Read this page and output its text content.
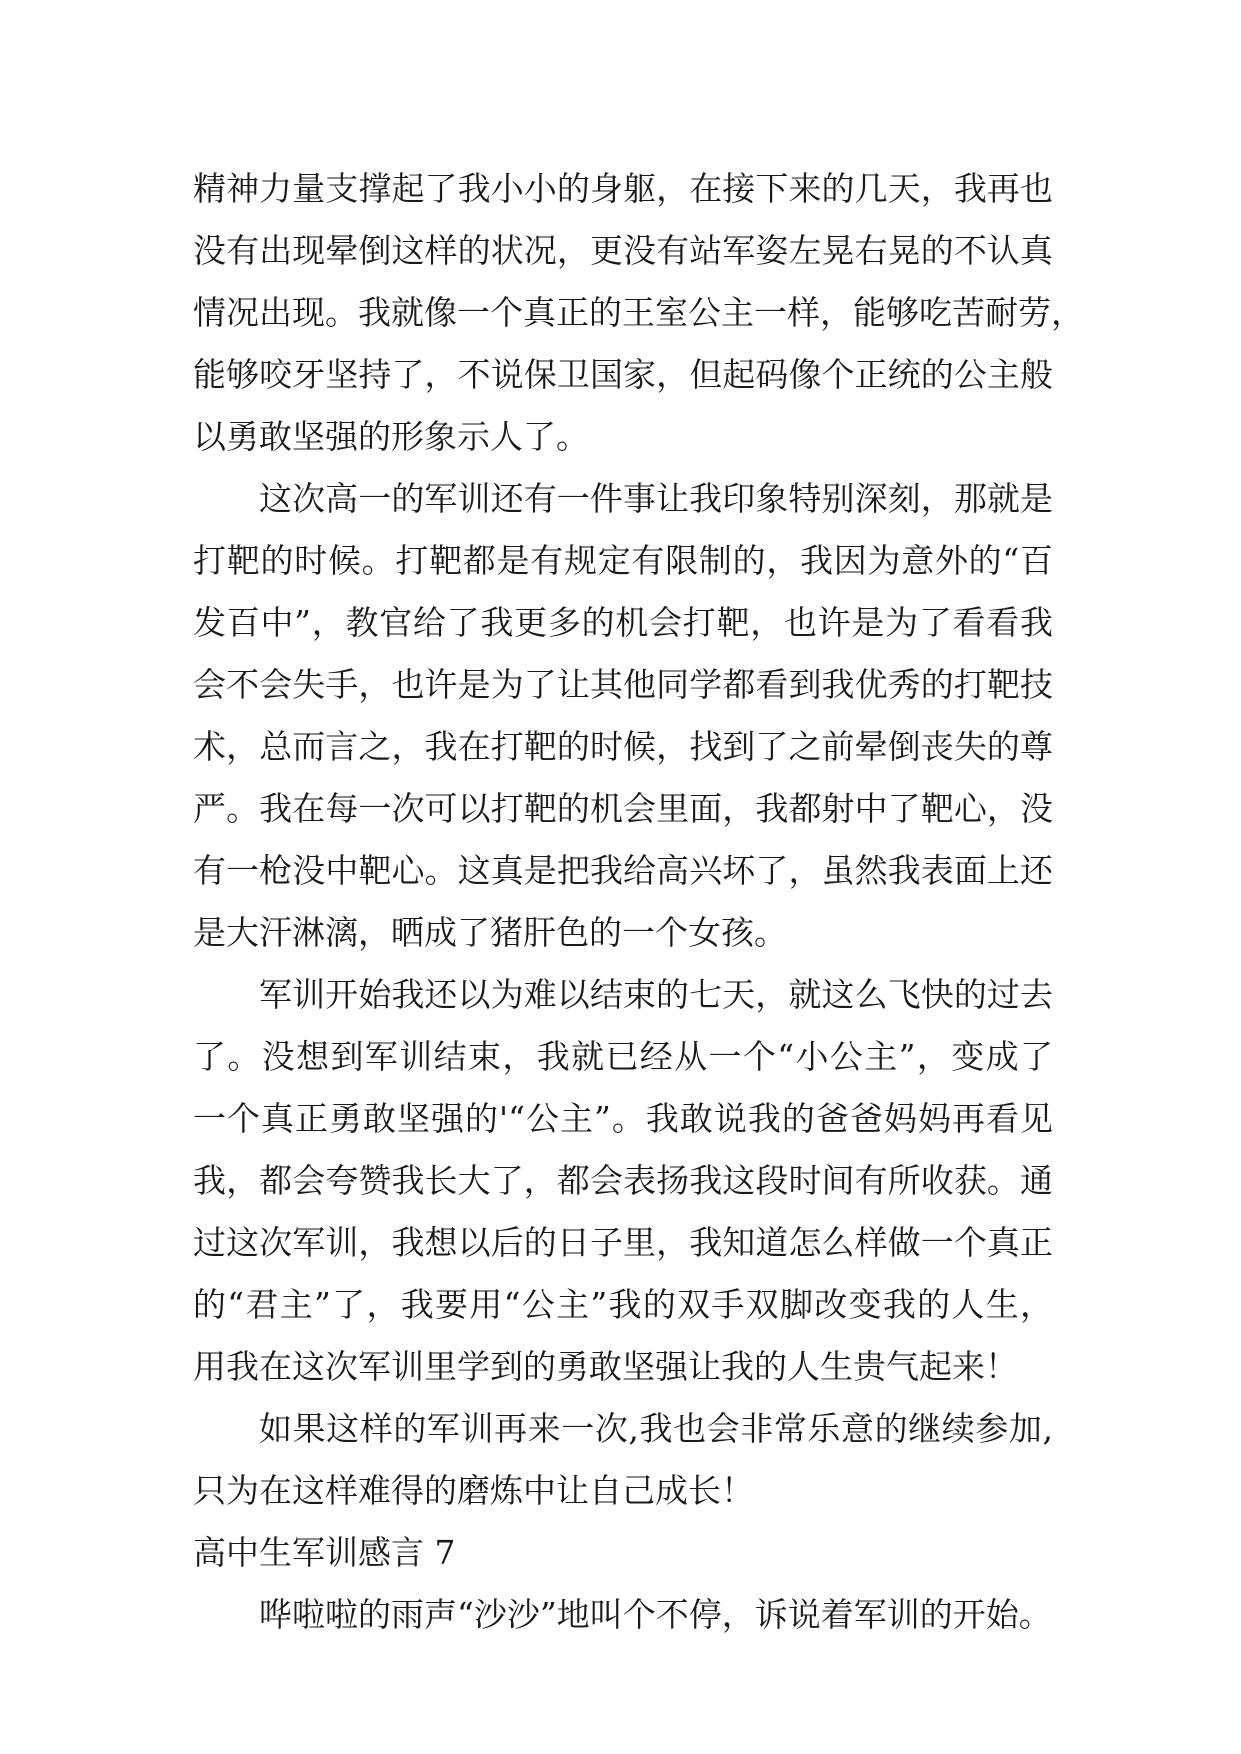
精神力量支撑起了我小小的身躯，在接下来的几天，我再也
没有出现晕倒这样的状况，更没有站军姿左晃右晃的不认真
情况出现。我就像一个真正的王室公主一样，能够吃苦耐劳，
能够咬牙坚持了，不说保卫国家，但起码像个正统的公主般
以勇敢坚强的形象示人了。
这次高一的军训还有一件事让我印象特别深刻，那就是
打靶的时候。打靶都是有规定有限制的，我因为意外的“百
发百中”，教官给了我更多的机会打靶，也许是为了看看我
会不会失手，也许是为了让其他同学都看到我优秀的打靶技
术，总而言之，我在打靶的时候，找到了之前晕倒丧失的尊
严。我在每一次可以打靶的机会里面，我都射中了靶心，没
有一枪没中靶心。这真是把我给高兴坏了，虽然我表面上还
是大汗淋漓，晒成了猪肝色的一个女孩。
军训开始我还以为难以结束的七天，就这么飞快的过去
了。没想到军训结束，我就已经从一个“小公主”，变成了
一个真正勇敢坚强的'“公主”。我敢说我的爸爸妈妈再看见
我，都会夸赞我长大了，都会表扬我这段时间有所收获。通
过这次军训，我想以后的日子里，我知道怎么样做一个真正
的“君主”了，我要用“公主”我的双手双脚改变我的人生，
用我在这次军训里学到的勇敢坚强让我的人生贵气起来！
如果这样的军训再来一次,我也会非常乐意的继续参加,
只为在这样难得的磨炼中让自己成长！
高中生军训感言 7
哗啦啦的雨声“沙沙”地叫个不停，诉说着军训的开始。
